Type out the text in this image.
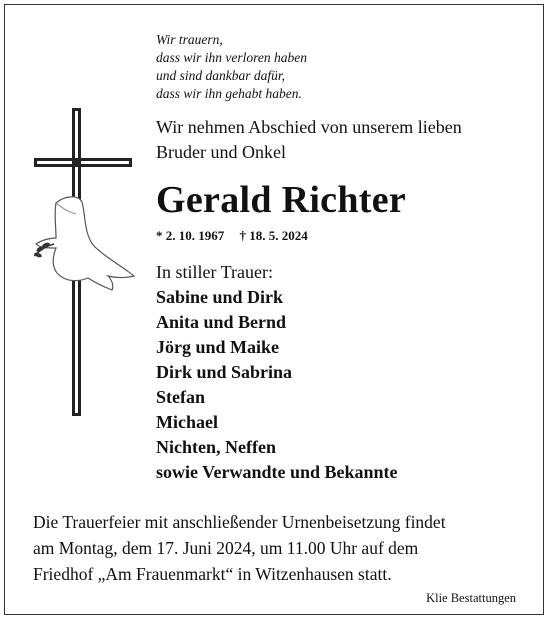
Wir trauern,
dass wir ihn verloren haben
und sind dankbar dafür,
dass wir ihn gehabt haben.
Wir nehmen Abschied von unserem lieben
Bruder und Onkel
Gerald Richter
* 2. 10. 1967 † 18. 5. 2024
In stiller Trauer:
Sabine und Dirk
Anita und Bernd
Jörg und Maike
Dirk und Sabrina
Stefan
Michael
Nichten, Neffen
sowie Verwandte und Bekannte
Die Trauerfeier mit anschließender Urnenbeisetzung findet
am Montag, dem 17. Juni 2024, um 11.00 Uhr auf dem
Friedhof „Am Frauenmarkt“ in Witzenhausen statt.
Klie Bestattungen
